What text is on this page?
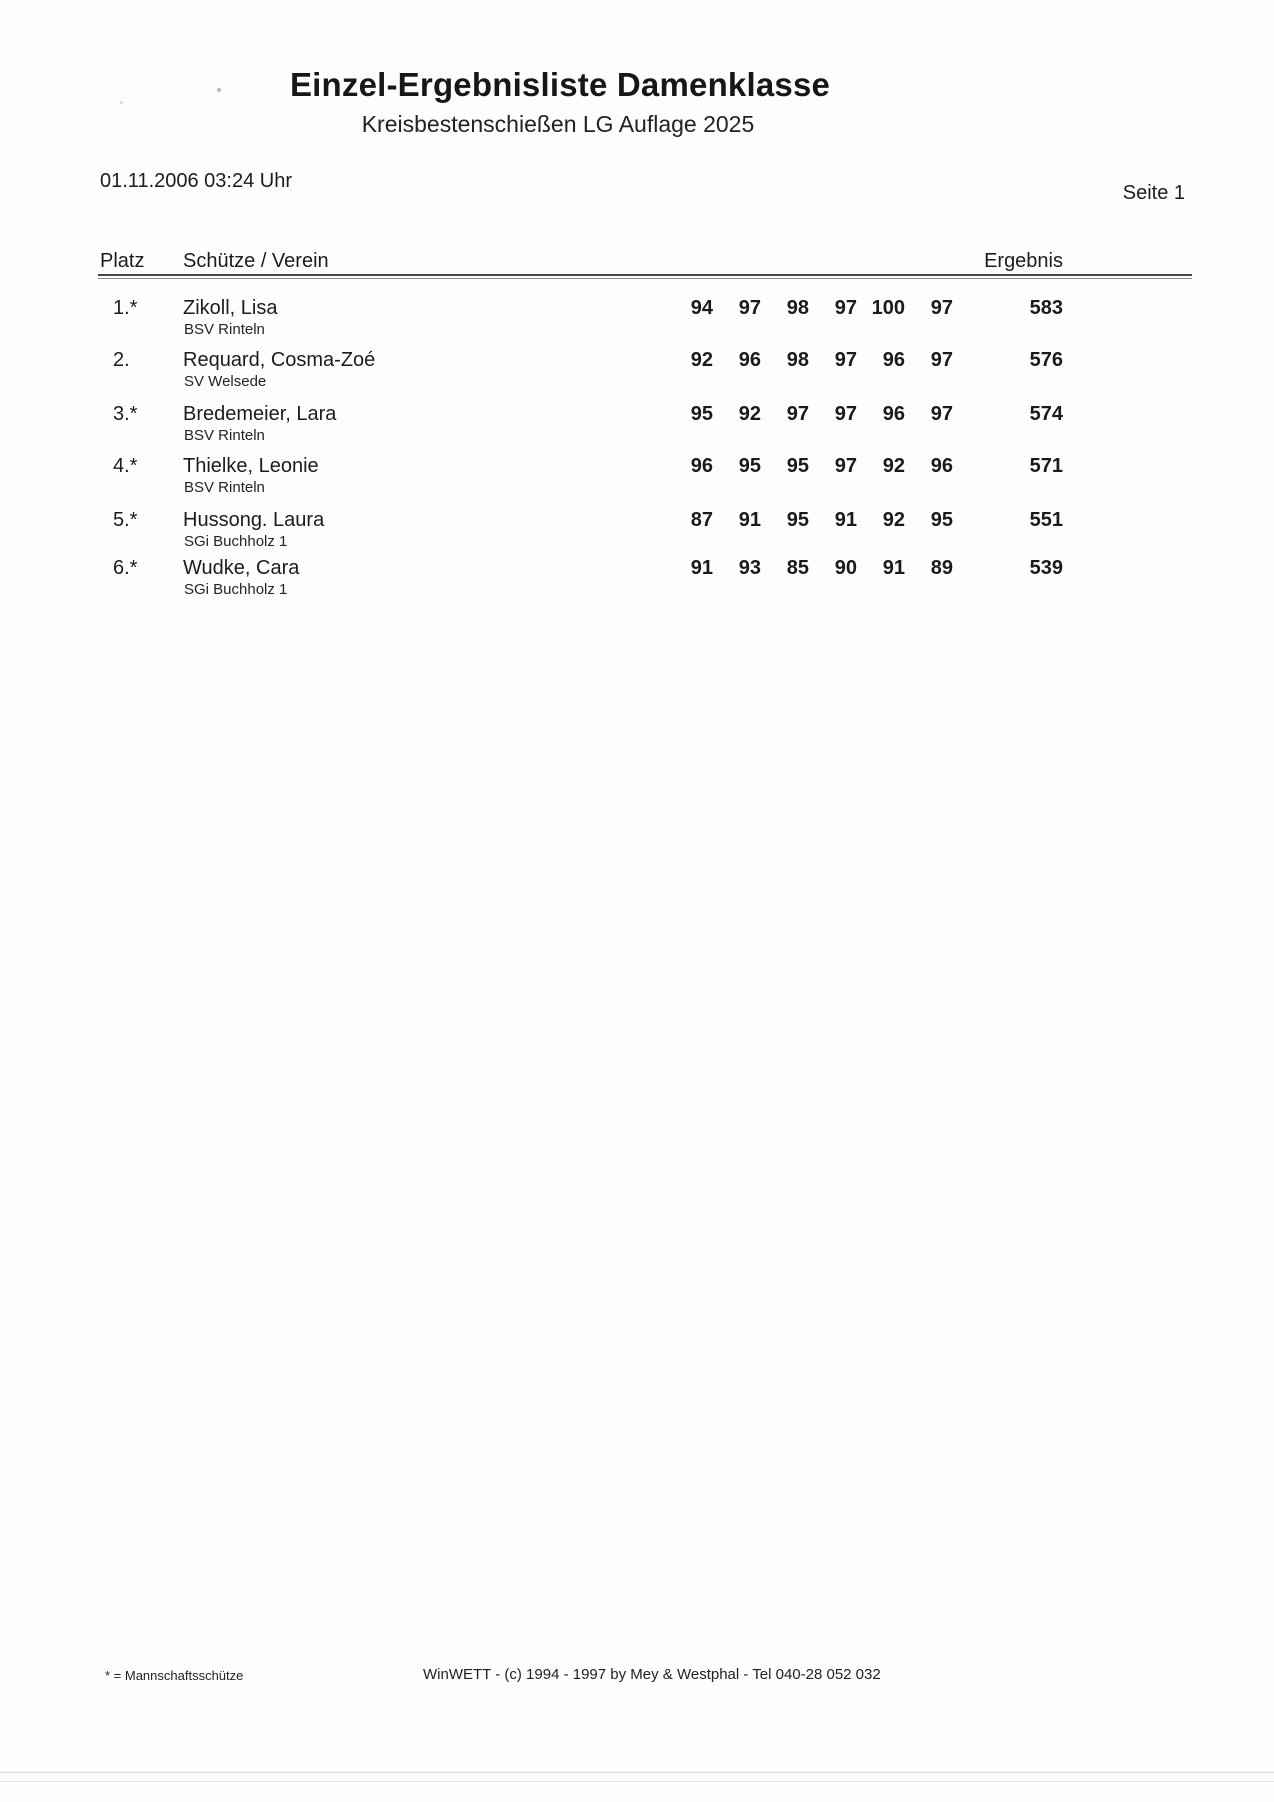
Einzel-Ergebnisliste Damenklasse
Kreisbestenschießen LG Auflage 2025
01.11.2006 03:24 Uhr
Seite 1
Platz Schütze / Verein	Ergebnis
1.* Zikoll, Lisa
BSV Rinteln
94	97	98	97 100	97	583
2.	Requard, Cosma-Zoé
SV Welsede
92	96	98	97	96	97	576
3.* Bredemeier, Lara
BSV Rinteln
95	92	97	97	96	97	574
4.* Thielke, Leonie
BSV Rinteln
96	95	95	97	92	96	571
5.* Hussong. Laura
SGi Buchholz 1
87	91	95	91	92	95	551
6.* Wudke, Cara
SGi Buchholz 1
91	93	85	90	91	89	539
* = Mannschaftsschütze	WinWETT - (c) 1994 - 1997 by Mey & Westphal - Tel 040-28 052 032
